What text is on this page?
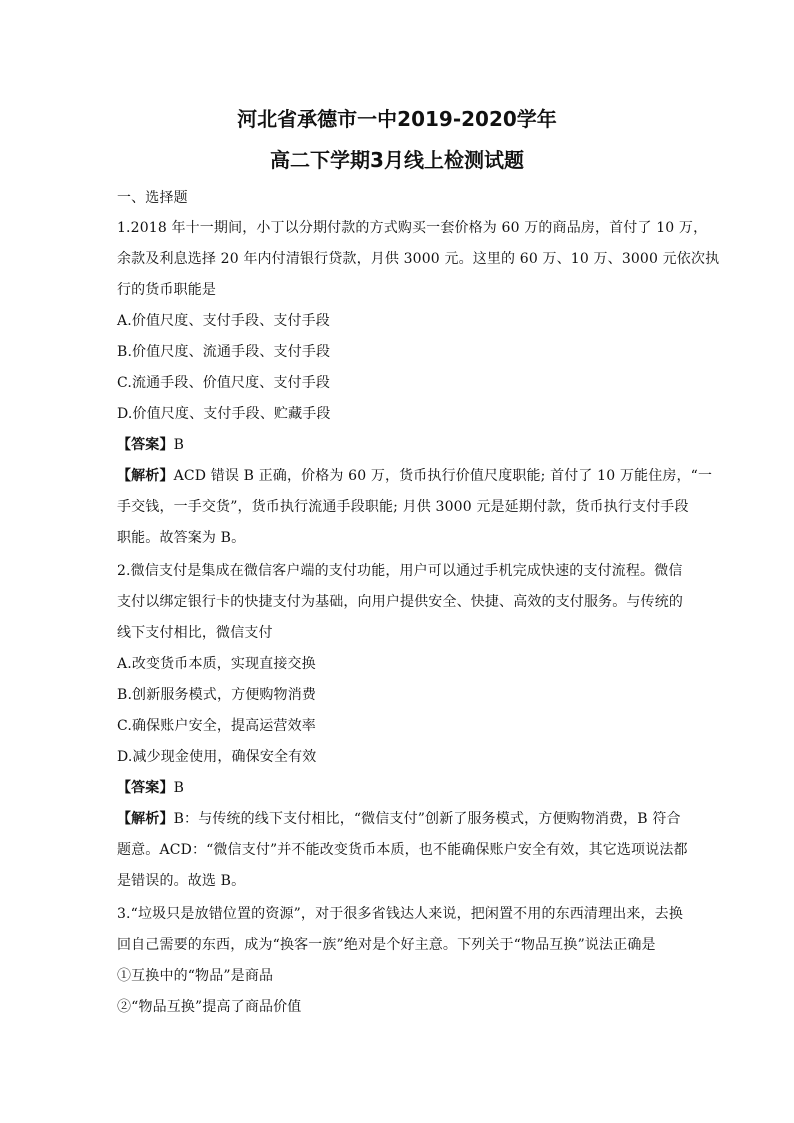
河北省承德市一中2019-2020学年
高二下学期3月线上检测试题
一、选择题
1.2018 年十一期间，小丁以分期付款的方式购买一套价格为 60 万的商品房，首付了 10 万，
余款及利息选择 20 年内付清银行贷款，月供 3000 元。这里的 60 万、10 万、3000 元依次执
行的货币职能是
A.价值尺度、支付手段、支付手段
B.价值尺度、流通手段、支付手段
C.流通手段、价值尺度、支付手段
D.价值尺度、支付手段、贮藏手段
【答案】B
【解析】ACD 错误 B 正确，价格为 60 万，货币执行价值尺度职能; 首付了 10 万能住房，“一
手交钱，一手交货”，货币执行流通手段职能; 月供 3000 元是延期付款，货币执行支付手段
职能。故答案为 B。
2.微信支付是集成在微信客户端的支付功能，用户可以通过手机完成快速的支付流程。微信
支付以绑定银行卡的快捷支付为基础，向用户提供安全、快捷、高效的支付服务。与传统的
线下支付相比，微信支付
A.改变货币本质，实现直接交换
B.创新服务模式，方便购物消费
C.确保账户安全，提高运营效率
D.减少现金使用，确保安全有效
【答案】B
【解析】B：与传统的线下支付相比，“微信支付”创新了服务模式，方便购物消费，B 符合
题意。ACD：“微信支付”并不能改变货币本质，也不能确保账户安全有效，其它选项说法都
是错误的。故选 B。
3.“垃圾只是放错位置的资源”，对于很多省钱达人来说，把闲置不用的东西清理出来，去换
回自己需要的东西，成为“换客一族”绝对是个好主意。下列关于“物品互换”说法正确是
①互换中的“物品”是商品
②“物品互换”提高了商品价值
